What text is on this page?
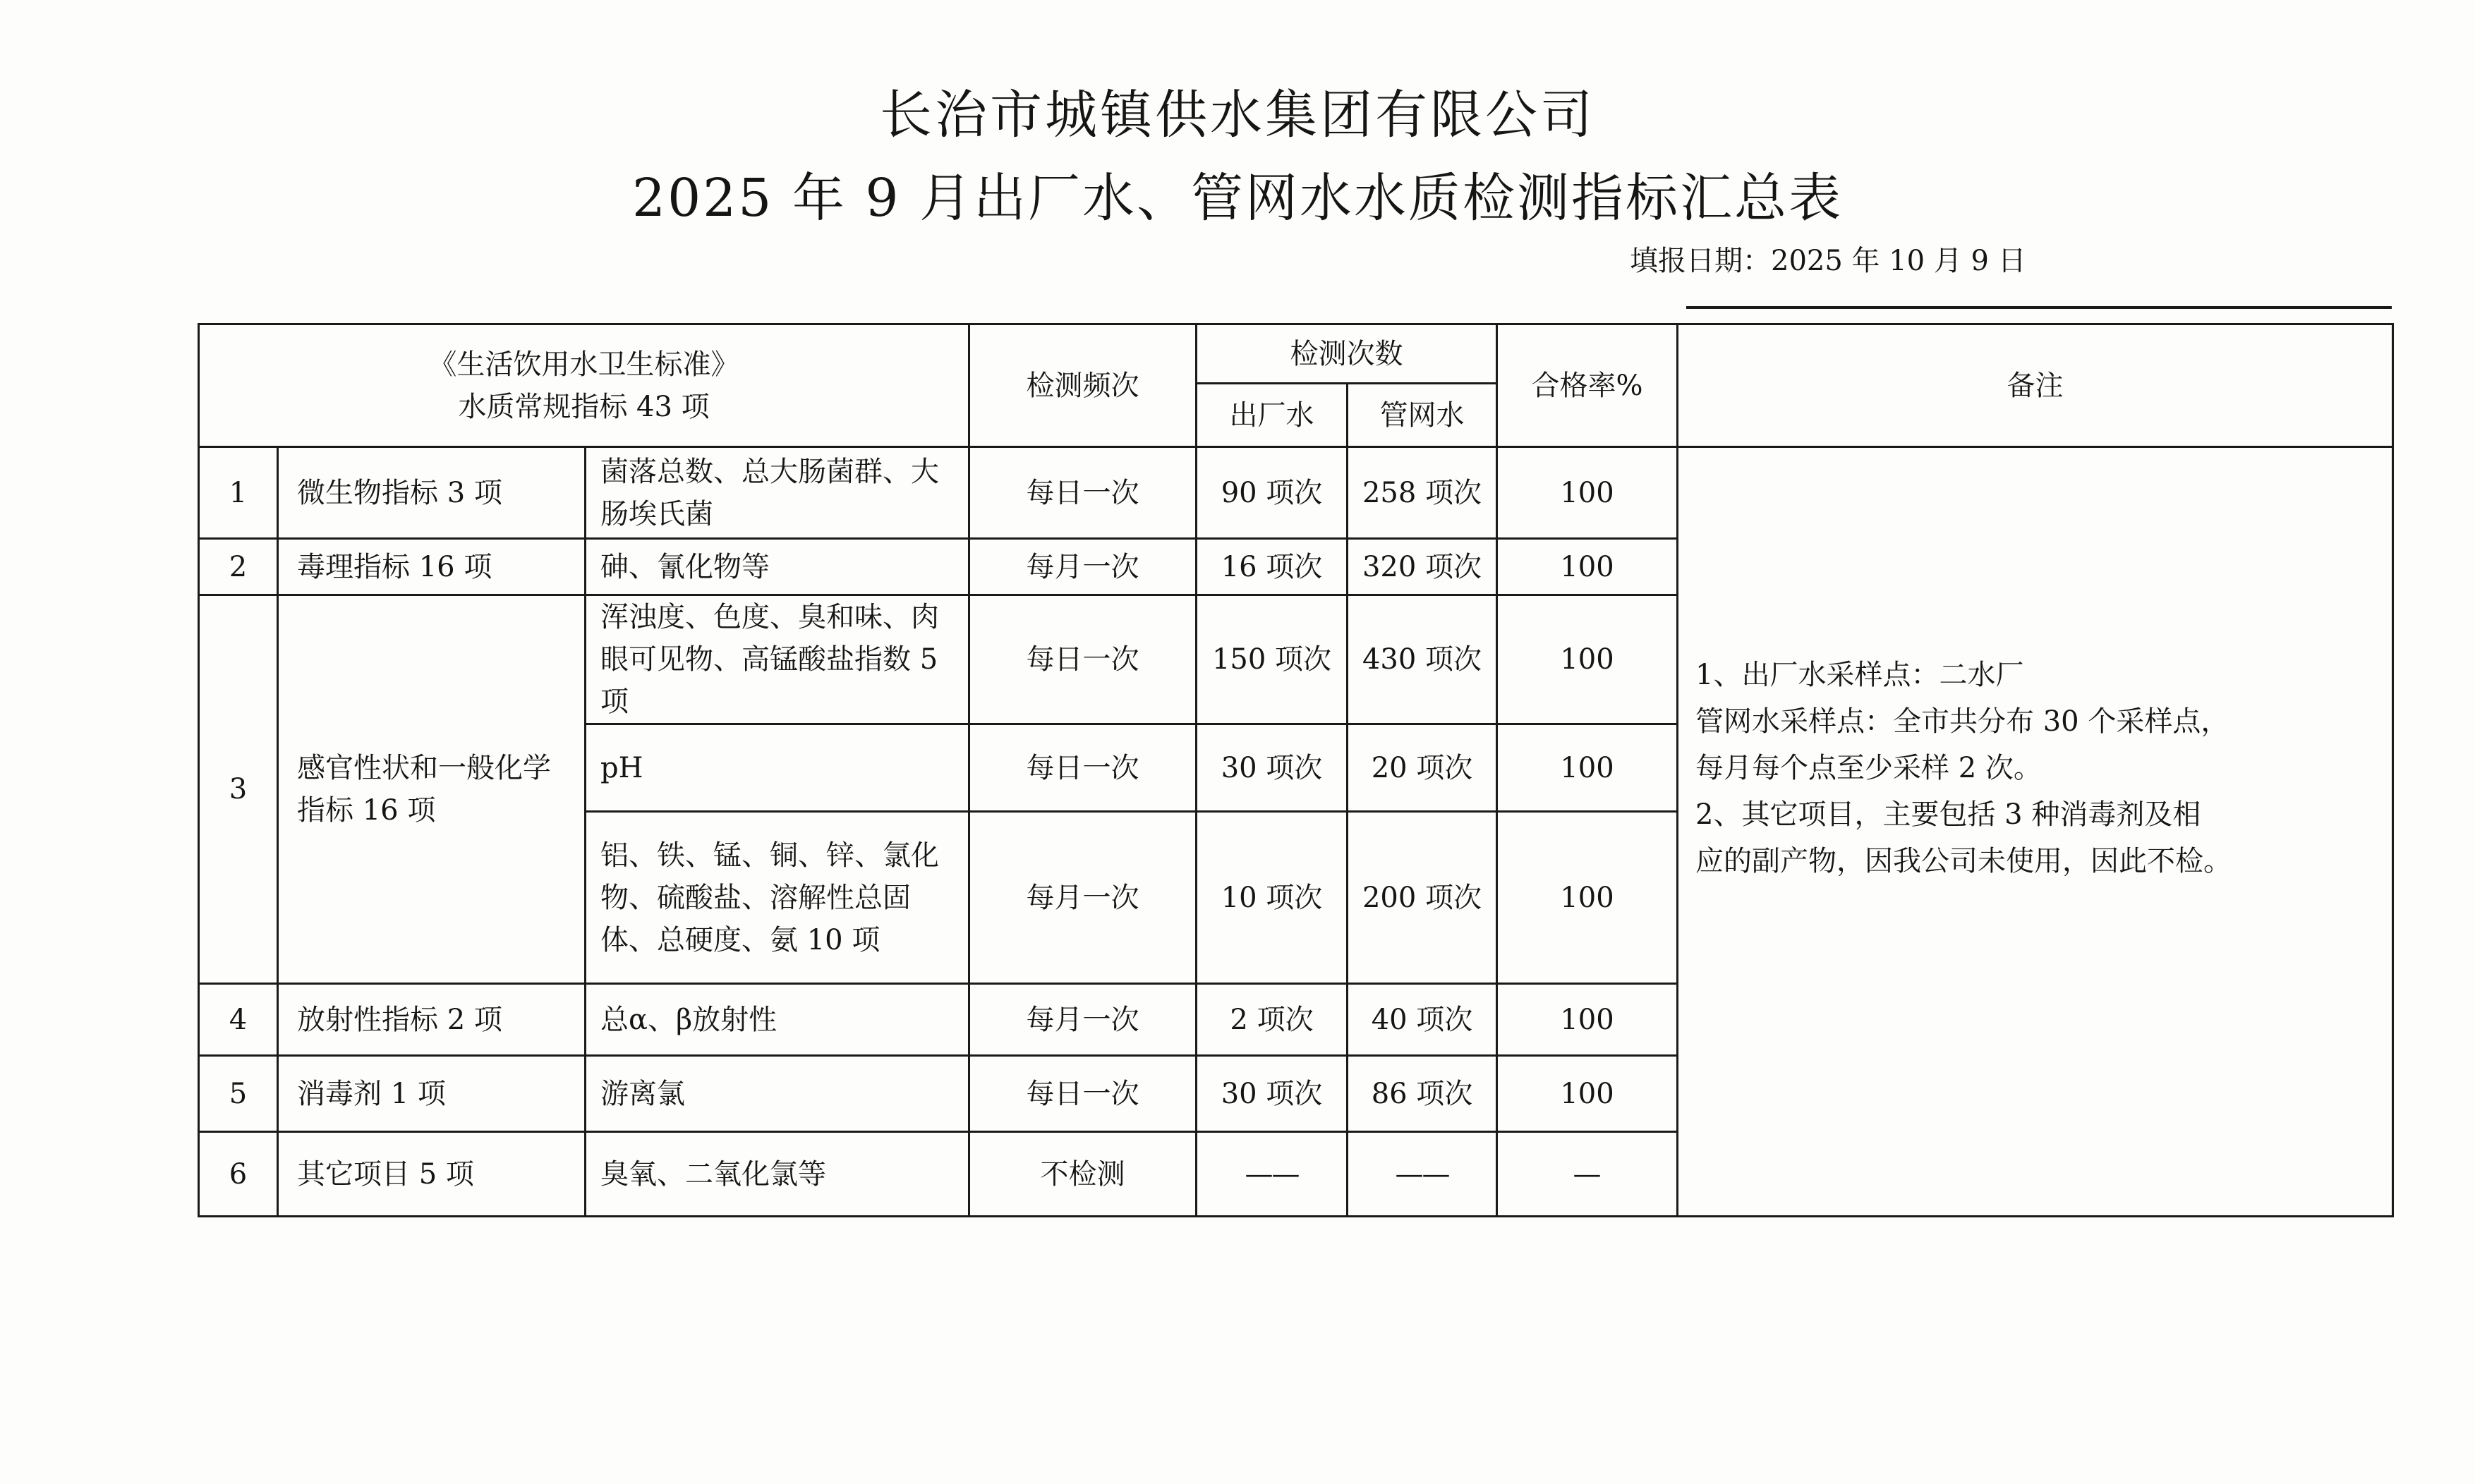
长治市城镇供水集团有限公司
2025 年 9 月出厂水、管网水水质检测指标汇总表
填报日期：2025 年 10 月 9 日
《生活饮用水卫生标准》
水质常规指标 43 项			检测频次	检测次数		合格率%	备注
				出厂水	管网水		
1	微生物指标 3 项	菌落总数、总大肠菌群、大肠埃氏菌	每日一次	90 项次	258 项次	100	1、出厂水采样点：二水厂
管网水采样点：全市共分布 30 个采样点，
每月每个点至少采样 2 次。
2、其它项目，主要包括 3 种消毒剂及相
应的副产物，因我公司未使用，因此不检。

2	毒理指标 16 项	砷、氰化物等	每月一次	16 项次	320 项次	100	
3	感官性状和一般化学指标 16 项	浑浊度、色度、臭和味、肉眼可见物、高锰酸盐指数 5 项	每日一次	150 项次	430 项次	100	
		pH	每日一次	30 项次	20 项次	100	
		铝、铁、锰、铜、锌、氯化物、硫酸盐、溶解性总固体、总硬度、氨 10 项	每月一次	10 项次	200 项次	100	
4	放射性指标 2 项	总α、β放射性	每月一次	2 项次	40 项次	100	
5	消毒剂 1 项	游离氯	每日一次	30 项次	86 项次	100	
6	其它项目 5 项	臭氧、二氧化氯等	不检测	——	——	—	
